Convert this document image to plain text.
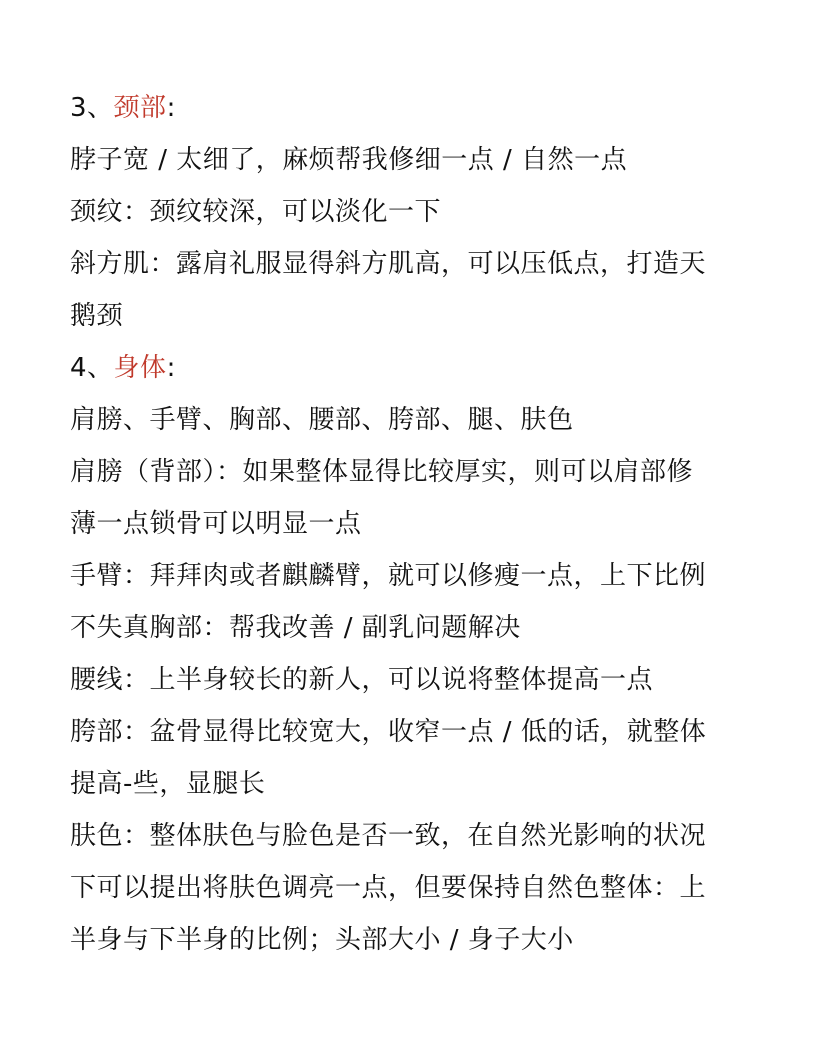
3、颈部:
脖子宽 / 太细了，麻烦帮我修细一点 / 自然一点
颈纹：颈纹较深，可以淡化一下
斜方肌：露肩礼服显得斜方肌高，可以压低点，打造天
鹅颈
4、身体:
肩膀、手臂、胸部、腰部、胯部、腿、肤色
肩膀（背部）：如果整体显得比较厚实，则可以肩部修
薄一点锁骨可以明显一点
手臂：拜拜肉或者麒麟臂，就可以修瘦一点，上下比例
不失真胸部：帮我改善 / 副乳问题解决
腰线：上半身较长的新人，可以说将整体提高一点
胯部：盆骨显得比较宽大，收窄一点 / 低的话，就整体
提高-些，显腿长
肤色：整体肤色与脸色是否一致，在自然光影响的状况
下可以提出将肤色调亮一点，但要保持自然色整体：上
半身与下半身的比例；头部大小 / 身子大小
